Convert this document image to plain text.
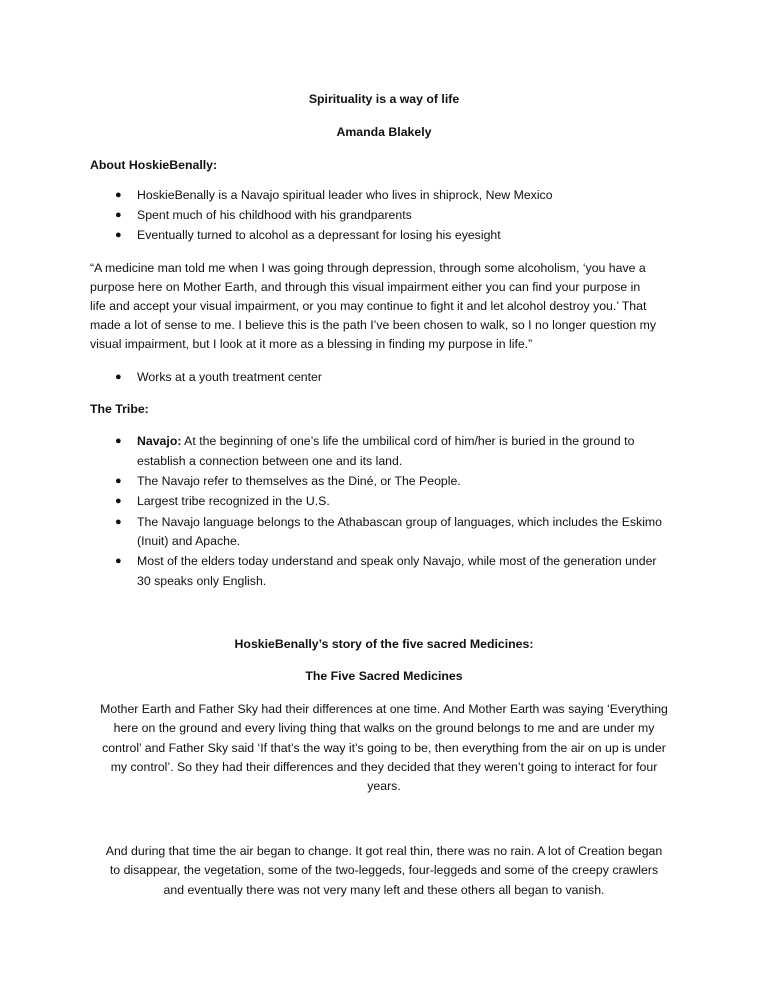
Spirituality is a way of life
Amanda Blakely
About HoskieBenally:
● HoskieBenally is a Navajo spiritual leader who lives in shiprock, New Mexico
● Spent much of his childhood with his grandparents
● Eventually turned to alcohol as a depressant for losing his eyesight
“A medicine man told me when I was going through depression, through some alcoholism, ‘you have a
purpose here on Mother Earth, and through this visual impairment either you can find your purpose in
life and accept your visual impairment, or you may continue to fight it and let alcohol destroy you.’ That
made a lot of sense to me. I believe this is the path I’ve been chosen to walk, so I no longer question my
visual impairment, but I look at it more as a blessing in finding my purpose in life.”
● Works at a youth treatment center
The Tribe:
● Navajo: At the beginning of one’s life the umbilical cord of him/her is buried in the ground to
establish a connection between one and its land.
● The Navajo refer to themselves as the Diné, or The People.
● Largest tribe recognized in the U.S.
● The Navajo language belongs to the Athabascan group of languages, which includes the Eskimo
(Inuit) and Apache.
● Most of the elders today understand and speak only Navajo, while most of the generation under
30 speaks only English.
HoskieBenally’s story of the five sacred Medicines:
The Five Sacred Medicines
Mother Earth and Father Sky had their differences at one time. And Mother Earth was saying ‘Everything
here on the ground and every living thing that walks on the ground belongs to me and are under my
control’ and Father Sky said ‘If that’s the way it’s going to be, then everything from the air on up is under
my control’. So they had their differences and they decided that they weren’t going to interact for four
years.
And during that time the air began to change. It got real thin, there was no rain. A lot of Creation began
to disappear, the vegetation, some of the two-leggeds, four-leggeds and some of the creepy crawlers
and eventually there was not very many left and these others all began to vanish.
